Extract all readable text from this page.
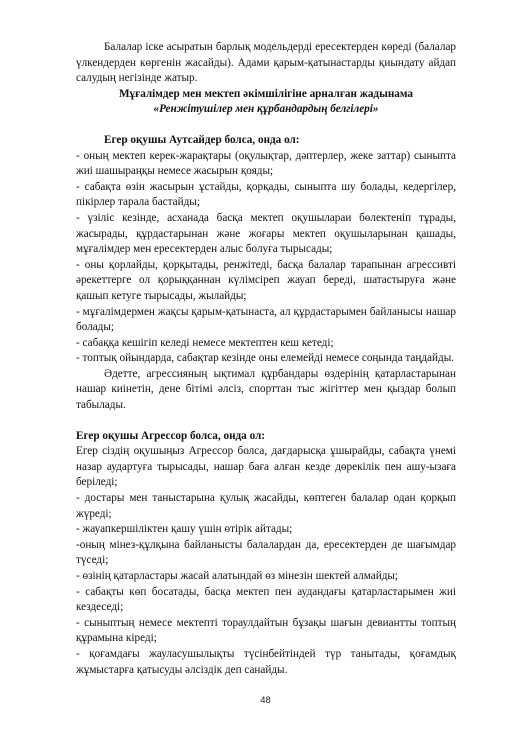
Балалар іске асыратын барлық модельдерді ересектерден көреді (балалар үлкендерден көргенін жасайды). Адами қарым-қатынастарды қиындату айдап салудың негізінде жатыр.

Мұғалімдер мен мектеп әкімшілігіне арналған жадынама

«Ренжітушілер мен құрбандардың белгілері»

Егер оқушы Аутсайдер болса, онда ол:

- оның мектеп керек-жарақтары (оқулықтар, дәптерлер, жеке заттар) сыныпта жиі шашыраңқы немесе жасырын қояды;

- сабақта өзін жасырын ұстайды, қорқады, сыныпта шу болады, кедергілер, пікірлер тарала бастайды;

- үзіліс кезінде, асханада басқа мектеп оқушылараи бөлектеніп тұрады, жасырады, құрдастарынан және жоғары мектеп оқушыларынан қашады, мұғалімдер мен ересектерден алыс болуға тырысады;

- оны қорлайды, қорқытады, ренжітеді, басқа балалар тарапынан агрессивті әрекеттерге ол қорыққаннан күлімсіреп жауап береді, шатастыруға және қашып кетуге тырысады, жылайды;

- мұғалімдермен жақсы қарым-қатынаста, ал құрдастарымен байланысы нашар болады;

- сабаққа кешігіп келеді немесе мектептен кеш кетеді;

- топтық ойындарда, сабақтар кезінде оны елемейді немесе соңында таңдайды.

Әдетте, агрессияның ықтимал құрбандары өздерінің қатарластарынан нашар киінетін, дене бітімі әлсіз, спорттан тыс жігіттер мен қыздар болып табылады.

Егер оқушы Агрессор болса, онда ол:

Егер сіздің оқушыңыз Агрессор болса, дағдарысқа ұшырайды, сабақта үнемі назар аудартуға тырысады, нашар баға алған кезде дөрекілік пен ашу-ызаға беріледі;

- достары мен таныстарына қулық жасайды, көптеген балалар одан қорқып жүреді;

- жауапкершіліктен қашу үшін өтірік айтады;

-оның мінез-құлқына байланысты балалардан да, ересектерден де шағымдар түседі;

- өзінің қатарластары жасай алатындай өз мінезін шектей алмайды;

- сабақты көп босатады, басқа мектеп пен аудандағы қатарластарымен жиі кездеседі;

- сыныптың немесе мектепті тораулдайтын бұзақы шағын девиантты топтың құрамына кіреді;

- қоғамдағы жауласушылықты түсінбейтіндей түр танытады, қоғамдық жұмыстарға қатысуды әлсіздік деп санайды.

48
